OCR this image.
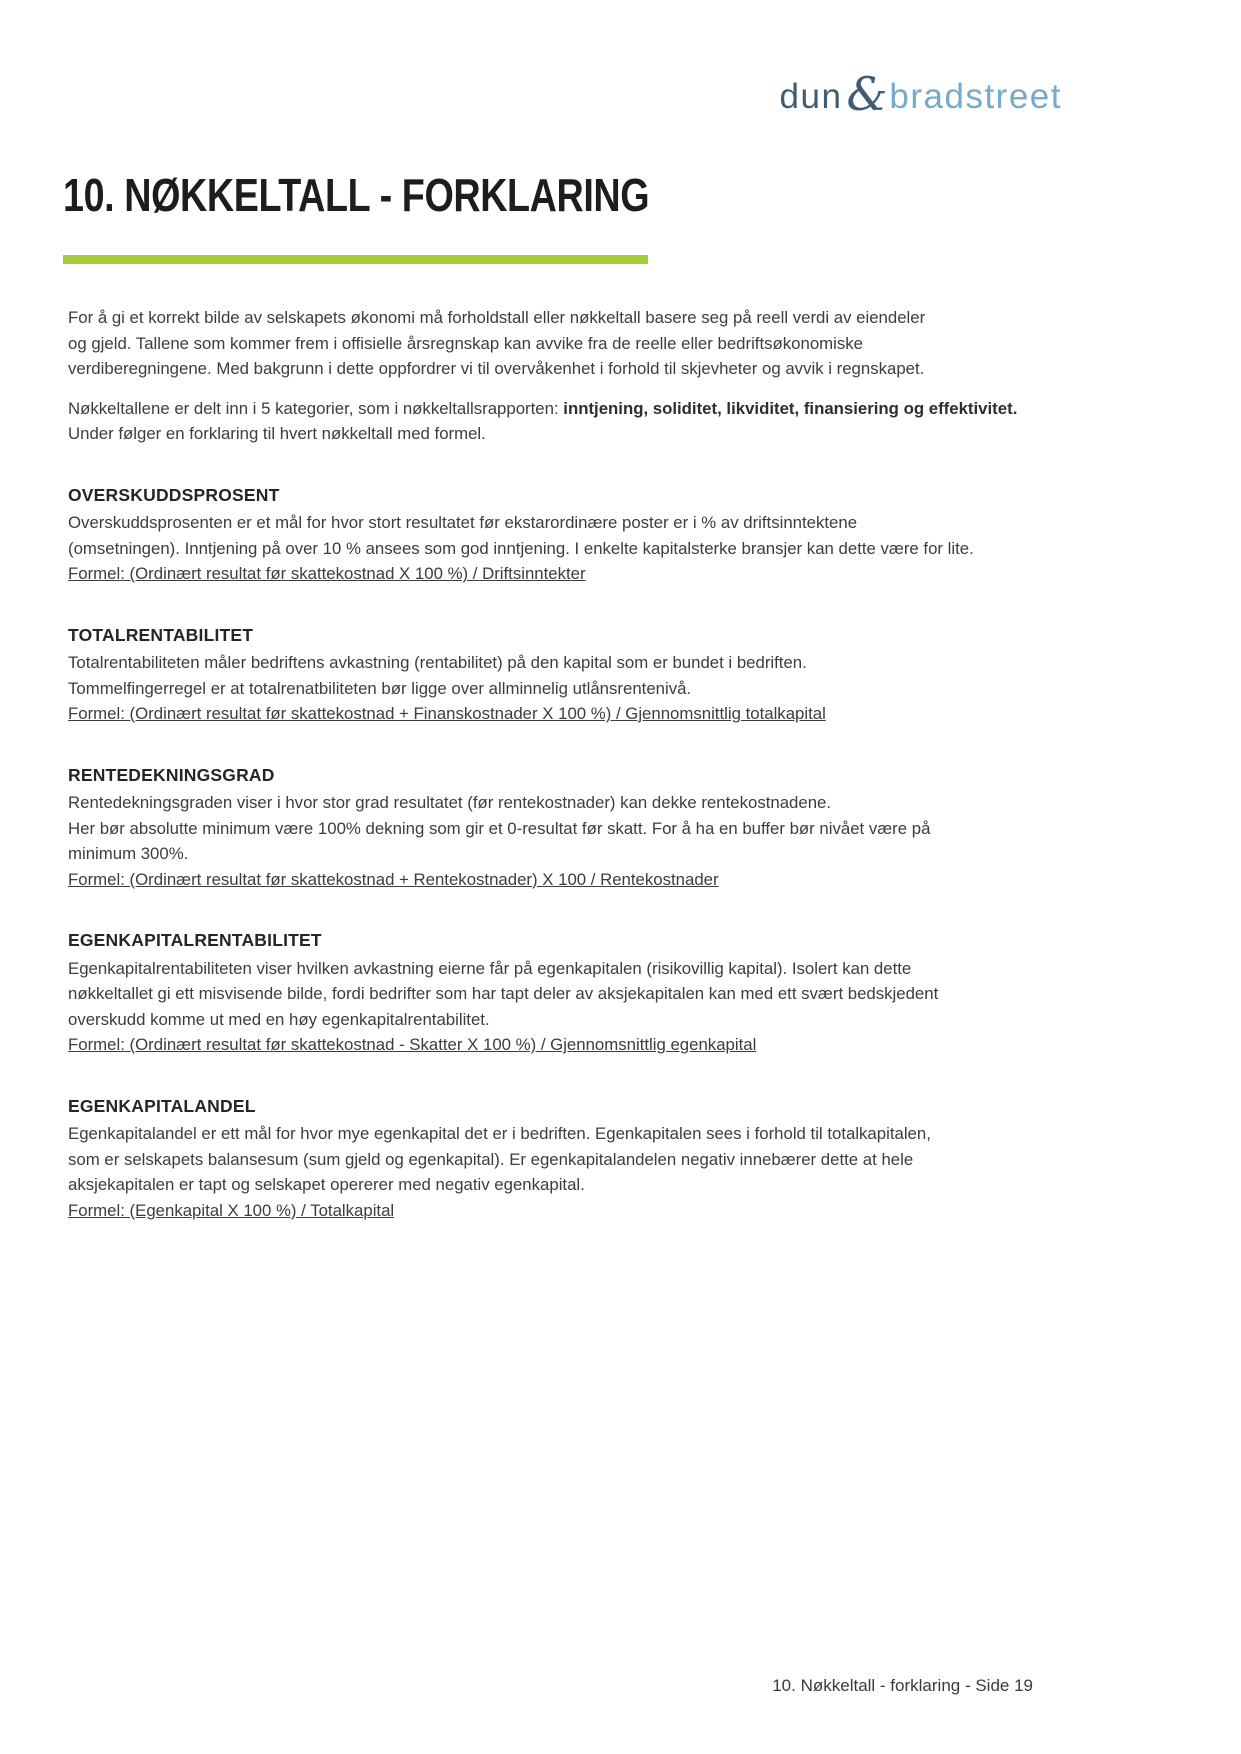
dun & bradstreet
10. NØKKELTALL - FORKLARING
For å gi et korrekt bilde av selskapets økonomi må forholdstall eller nøkkeltall basere seg på reell verdi av eiendeler
og gjeld. Tallene som kommer frem i offisielle årsregnskap kan avvike fra de reelle eller bedriftsøkonomiske
verdiberegningene. Med bakgrunn i dette oppfordrer vi til overvåkenhet i forhold til skjevheter og avvik i regnskapet.

Nøkkeltallene er delt inn i 5 kategorier, som i nøkkeltallsrapporten: inntjening, soliditet, likviditet, finansiering og effektivitet. Under følger en forklaring til hvert nøkkeltall med formel.

OVERSKUDDSPROSENT
Overskuddsprosenten er et mål for hvor stort resultatet før ekstarordinære poster er i % av driftsinntektene
(omsetningen). Inntjening på over 10 % ansees som god inntjening. I enkelte kapitalsterke bransjer kan dette være for lite.
Formel: (Ordinært resultat før skattekostnad X 100 %) / Driftsinntekter
TOTALRENTABILITET
Totalrentabiliteten måler bedriftens avkastning (rentabilitet) på den kapital som er bundet i bedriften.
Tommelfingerregel er at totalrenatbiliteten bør ligge over allminnelig utlånsrentenivå.
Formel: (Ordinært resultat før skattekostnad + Finanskostnader X 100 %) / Gjennomsnittlig totalkapital
RENTEDEKNINGSGRAD
Rentedekningsgraden viser i hvor stor grad resultatet (før rentekostnader) kan dekke rentekostnadene.
Her bør absolutte minimum være 100% dekning som gir et 0-resultat før skatt. For å ha en buffer bør nivået være på
minimum 300%.
Formel: (Ordinært resultat før skattekostnad + Rentekostnader) X 100 / Rentekostnader
EGENKAPITALRENTABILITET
Egenkapitalrentabiliteten viser hvilken avkastning eierne får på egenkapitalen (risikovillig kapital). Isolert kan dette
nøkkeltallet gi ett misvisende bilde, fordi bedrifter som har tapt deler av aksjekapitalen kan med ett svært bedskjedent
overskudd komme ut med en høy egenkapitalrentabilitet.
Formel: (Ordinært resultat før skattekostnad - Skatter X 100 %) / Gjennomsnittlig egenkapital
EGENKAPITALANDEL
Egenkapitalandel er ett mål for hvor mye egenkapital det er i bedriften. Egenkapitalen sees i forhold til totalkapitalen,
som er selskapets balansesum (sum gjeld og egenkapital). Er egenkapitalandelen negativ innebærer dette at hele
aksjekapitalen er tapt og selskapet opererer med negativ egenkapital.
Formel: (Egenkapital X 100 %) / Totalkapital
10. Nøkkeltall - forklaring - Side 19
